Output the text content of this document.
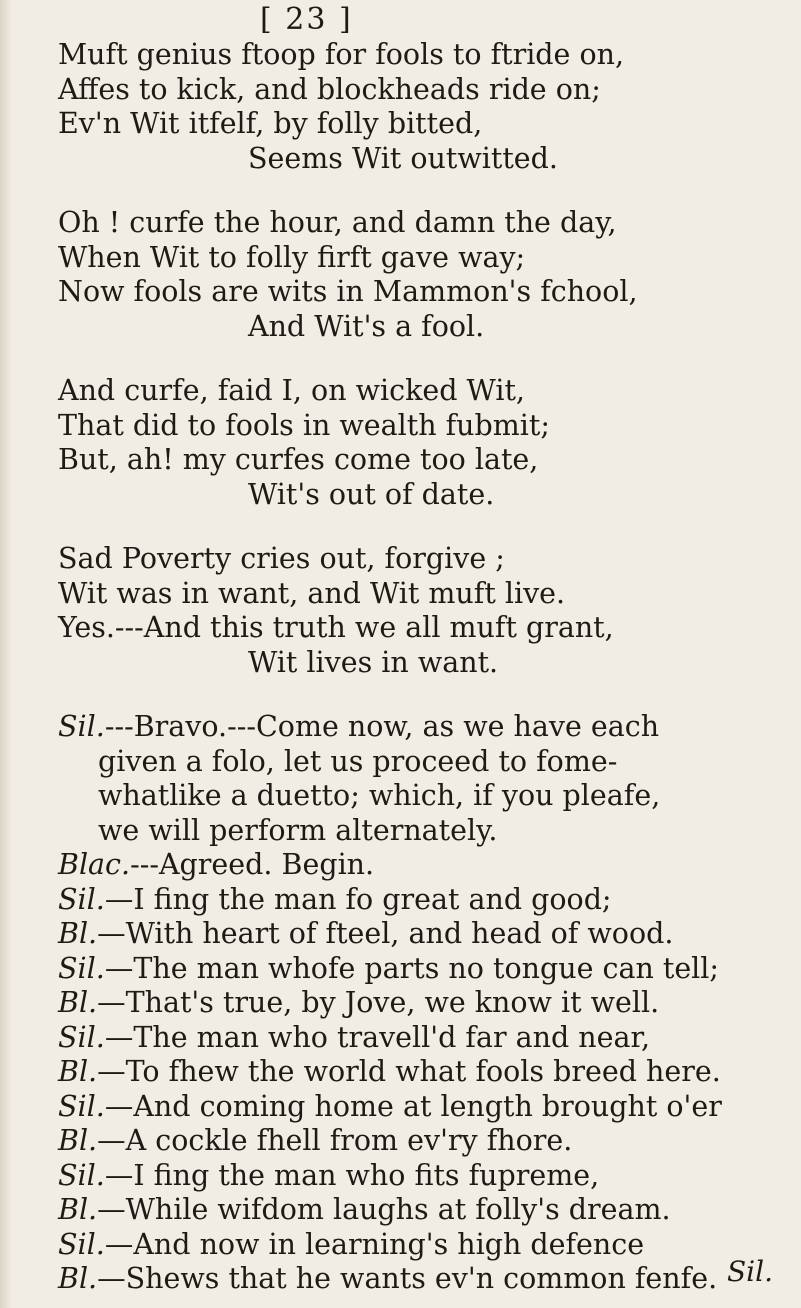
[ 23 ]
Muft genius ftoop for fools to ftride on,
Affes to kick, and blockheads ride on;
Ev'n Wit itfelf, by folly bitted,
Seems Wit outwitted.
Oh ! curfe the hour, and damn the day,
When Wit to folly firft gave way;
Now fools are wits in Mammon's fchool,
And Wit's a fool.
And curfe, faid I, on wicked Wit,
That did to fools in wealth fubmit;
But, ah! my curfes come too late,
Wit's out of date.
Sad Poverty cries out, forgive ;
Wit was in want, and Wit muft live.
Yes.---And this truth we all muft grant,
Wit lives in want.
Sil.---Bravo.---Come now, as we have each
given a folo, let us proceed to fome-
whatlike a duetto; which, if you pleafe,
we will perform alternately.
Blac.---Agreed. Begin.
Sil.—I fing the man fo great and good;
Bl.—With heart of fteel, and head of wood.
Sil.—The man whofe parts no tongue can tell;
Bl.—That's true, by Jove, we know it well.
Sil.—The man who travell'd far and near,
Bl.—To fhew the world what fools breed here.
Sil.—And coming home at length brought o'er
Bl.—A cockle fhell from ev'ry fhore.
Sil.—I fing the man who fits fupreme,
Bl.—While wifdom laughs at folly's dream.
Sil.—And now in learning's high defence
Bl.—Shews that he wants ev'n common fenfe. Sil.
